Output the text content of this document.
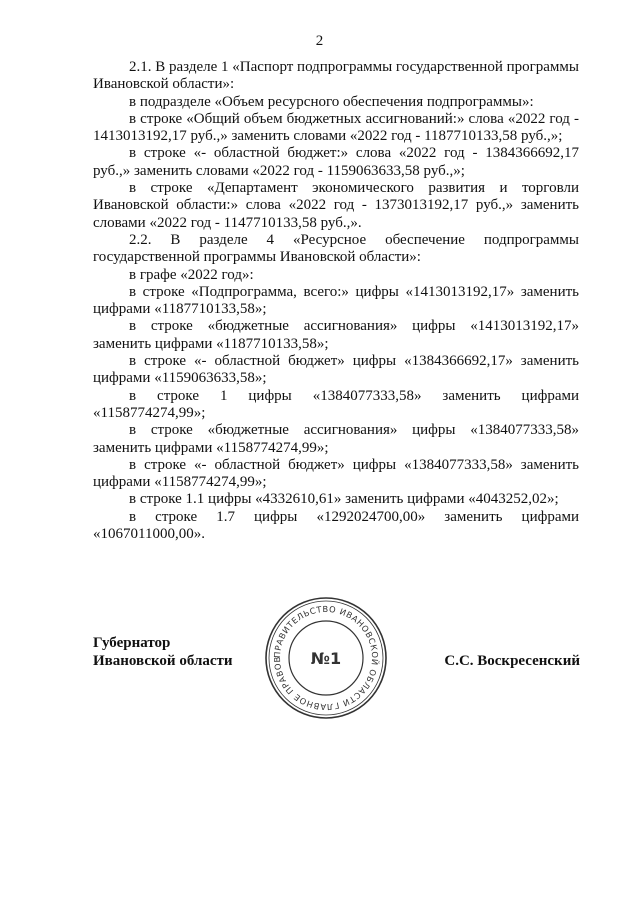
2

2.1. В разделе 1 «Паспорт подпрограммы государственной программы Ивановской области»:

в подразделе «Объем ресурсного обеспечения подпрограммы»:

в строке «Общий объем бюджетных ассигнований:» слова «2022 год - 1413013192,17 руб.,» заменить словами «2022 год - 1187710133,58 руб.,»;

в строке «- областной бюджет:» слова «2022 год - 1384366692,17 руб.,» заменить словами «2022 год - 1159063633,58 руб.,»;

в строке «Департамент экономического развития и торговли Ивановской области:» слова «2022 год - 1373013192,17 руб.,» заменить словами «2022 год - 1147710133,58 руб.,».

2.2. В разделе 4 «Ресурсное обеспечение подпрограммы государственной программы Ивановской области»:

в графе «2022 год»:

в строке «Подпрограмма, всего:» цифры «1413013192,17» заменить цифрами «1187710133,58»;

в строке «бюджетные ассигнования» цифры «1413013192,17» заменить цифрами «1187710133,58»;

в строке «- областной бюджет» цифры «1384366692,17» заменить цифрами «1159063633,58»;

в строке 1 цифры «1384077333,58» заменить цифрами «1158774274,99»;

в строке «бюджетные ассигнования» цифры «1384077333,58» заменить цифрами «1158774274,99»;

в строке «- областной бюджет» цифры «1384077333,58» заменить цифрами «1158774274,99»;

в строке 1.1 цифры «4332610,61» заменить цифрами «4043252,02»;

в строке 1.7 цифры «1292024700,00» заменить цифрами «1067011000,00».

Губернатор
Ивановской области	ПРАВИТЕЛЬСТВО ИВАНОВСКОЙ ОБЛАСТИ ГЛАВНОЕ ПРАВОВ	№1	С.С. Воскресенский
